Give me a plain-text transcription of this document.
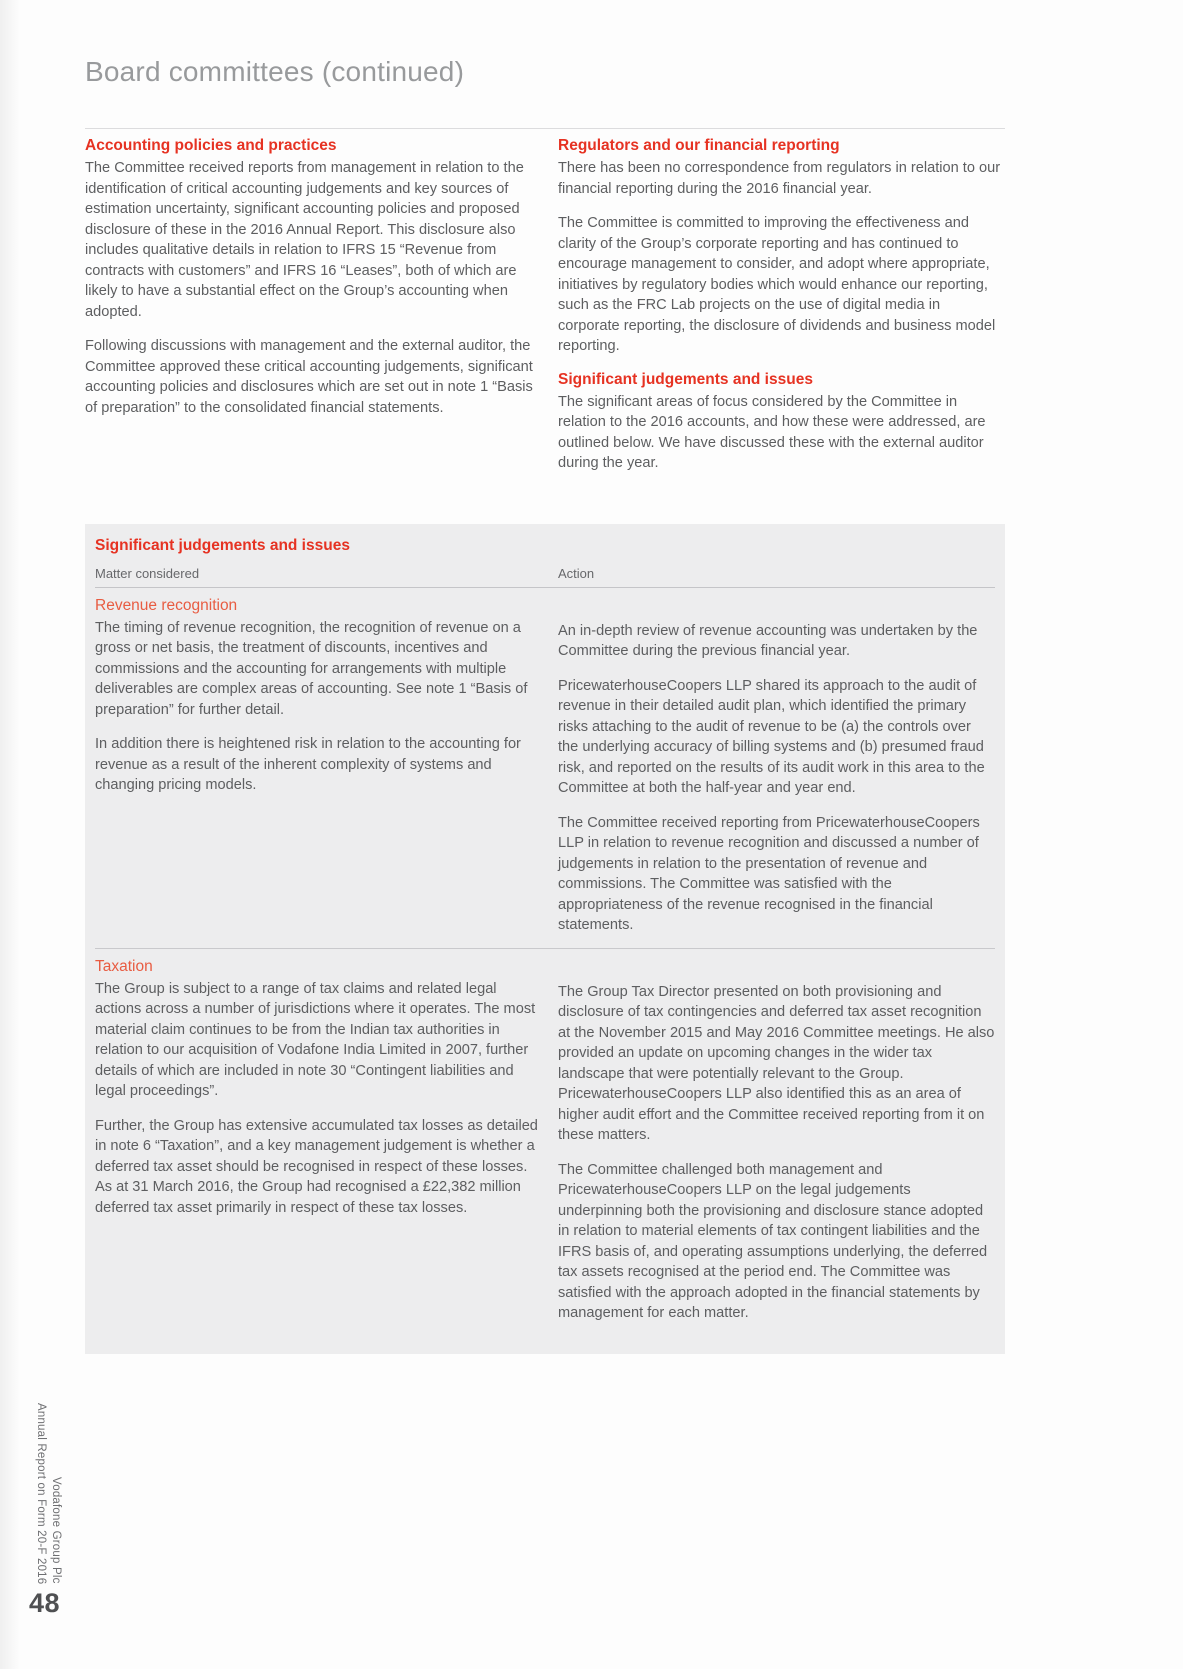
Board committees (continued)
Accounting policies and practices

The Committee received reports from management in relation to the identification of critical accounting judgements and key sources of estimation uncertainty, significant accounting policies and proposed disclosure of these in the 2016 Annual Report. This disclosure also includes qualitative details in relation to IFRS 15 “Revenue from contracts with customers” and IFRS 16 “Leases”, both of which are likely to have a substantial effect on the Group’s accounting when adopted.

Following discussions with management and the external auditor, the Committee approved these critical accounting judgements, significant accounting policies and disclosures which are set out in note 1 “Basis of preparation” to the consolidated financial statements.

Regulators and our financial reporting

There has been no correspondence from regulators in relation to our financial reporting during the 2016 financial year.

The Committee is committed to improving the effectiveness and clarity of the Group’s corporate reporting and has continued to encourage management to consider, and adopt where appropriate, initiatives by regulatory bodies which would enhance our reporting, such as the FRC Lab projects on the use of digital media in corporate reporting, the disclosure of dividends and business model reporting.

Significant judgements and issues

The significant areas of focus considered by the Committee in relation to the 2016 accounts, and how these were addressed, are outlined below. We have discussed these with the external auditor during the year.

Significant judgements and issues
Matter considered	Action
Revenue recognition

The timing of revenue recognition, the recognition of revenue on a gross or net basis, the treatment of discounts, incentives and commissions and the accounting for arrangements with multiple deliverables are complex areas of accounting. See note 1 “Basis of preparation” for further detail.

In addition there is heightened risk in relation to the accounting for revenue as a result of the inherent complexity of systems and changing pricing models.

An in-depth review of revenue accounting was undertaken by the Committee during the previous financial year.

PricewaterhouseCoopers LLP shared its approach to the audit of revenue in their detailed audit plan, which identified the primary risks attaching to the audit of revenue to be (a) the controls over the underlying accuracy of billing systems and (b) presumed fraud risk, and reported on the results of its audit work in this area to the Committee at both the half-year and year end.

The Committee received reporting from PricewaterhouseCoopers LLP in relation to revenue recognition and discussed a number of judgements in relation to the presentation of revenue and commissions. The Committee was satisfied with the appropriateness of the revenue recognised in the financial statements.

Taxation

The Group is subject to a range of tax claims and related legal actions across a number of jurisdictions where it operates. The most material claim continues to be from the Indian tax authorities in relation to our acquisition of Vodafone India Limited in 2007, further details of which are included in note 30 “Contingent liabilities and legal proceedings”.

Further, the Group has extensive accumulated tax losses as detailed in note 6 “Taxation”, and a key management judgement is whether a deferred tax asset should be recognised in respect of these losses. As at 31 March 2016, the Group had recognised a £22,382 million deferred tax asset primarily in respect of these tax losses.

The Group Tax Director presented on both provisioning and disclosure of tax contingencies and deferred tax asset recognition at the November 2015 and May 2016 Committee meetings. He also provided an update on upcoming changes in the wider tax landscape that were potentially relevant to the Group. PricewaterhouseCoopers LLP also identified this as an area of higher audit effort and the Committee received reporting from it on these matters.

The Committee challenged both management and PricewaterhouseCoopers LLP on the legal judgements underpinning both the provisioning and disclosure stance adopted in relation to material elements of tax contingent liabilities and the IFRS basis of, and operating assumptions underlying, the deferred tax assets recognised at the period end. The Committee was satisfied with the approach adopted in the financial statements by management for each matter.

Vodafone Group Plc
Annual Report on Form 20-F 2016
48
